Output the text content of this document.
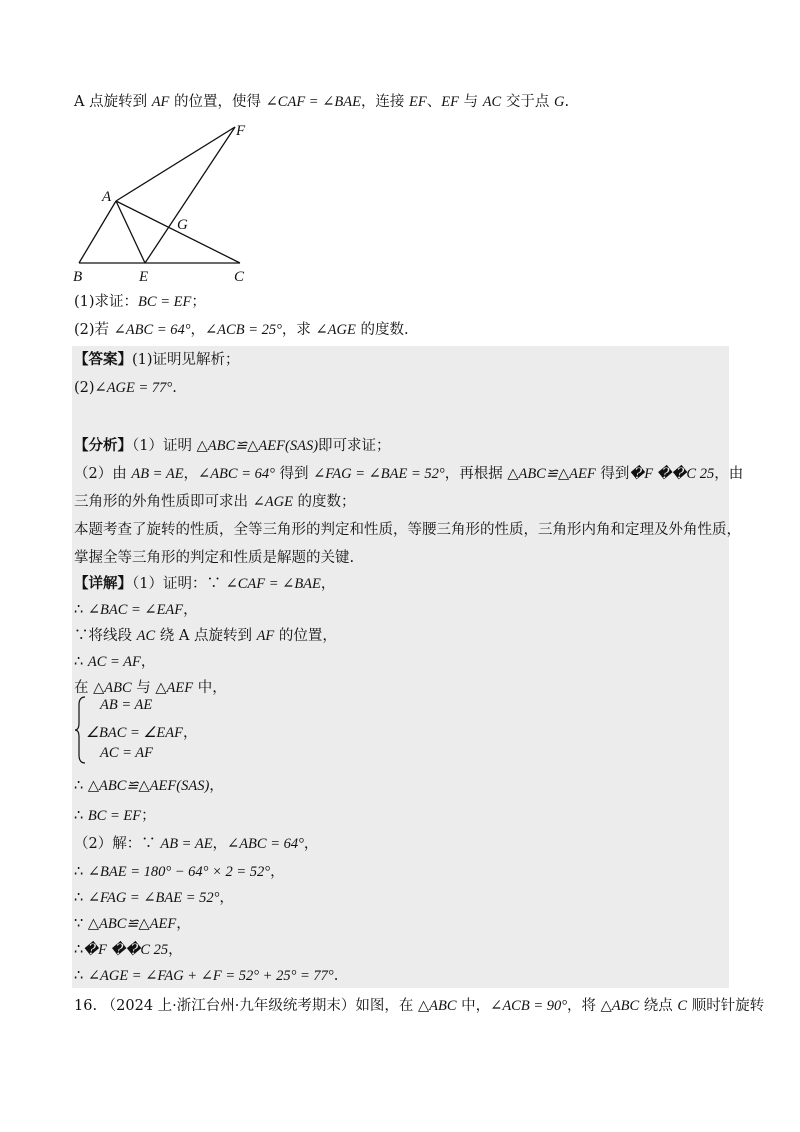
A 点旋转到 AF 的位置，使得 ∠CAF = ∠BAE，连接 EF、EF 与 AC 交于点 G.
A
B	E	C
F
G
(1)求证：BC = EF；
(2)若 ∠ABC = 64°，∠ACB = 25°，求 ∠AGE 的度数.
【答案】(1)证明见解析；
(2)∠AGE = 77°.
【分析】（1）证明 △ABC≌△AEF(SAS)即可求证；
（2）由 AB = AE，∠ABC = 64° 得到 ∠FAG = ∠BAE = 52°，再根据 △ABC≌△AEF 得到�F ��C 25，由
三角形的外角性质即可求出 ∠AGE 的度数；
本题考查了旋转的性质，全等三角形的判定和性质，等腰三角形的性质，三角形内角和定理及外角性质，
掌握全等三角形的判定和性质是解题的关键.
【详解】（1）证明：∵ ∠CAF = ∠BAE，
∴ ∠BAC = ∠EAF，
∵将线段 AC 绕 A 点旋转到 AF 的位置，
∴ AC = AF，
在 △ABC 与 △AEF 中，
AB = AE
∠BAC = ∠EAF，
AC = AF
∴ △ABC≌△AEF(SAS)，
∴ BC = EF；
（2）解：∵ AB = AE，∠ABC = 64°，
∴ ∠BAE = 180° − 64° × 2 = 52°，
∴ ∠FAG = ∠BAE = 52°，
∵ △ABC≌△AEF，
∴�F ��C 25，
∴ ∠AGE = ∠FAG + ∠F = 52° + 25° = 77°.
16. （2024 上·浙江台州·九年级统考期末）如图，在 △ABC 中，∠ACB = 90°，将 △ABC 绕点 C 顺时针旋转
